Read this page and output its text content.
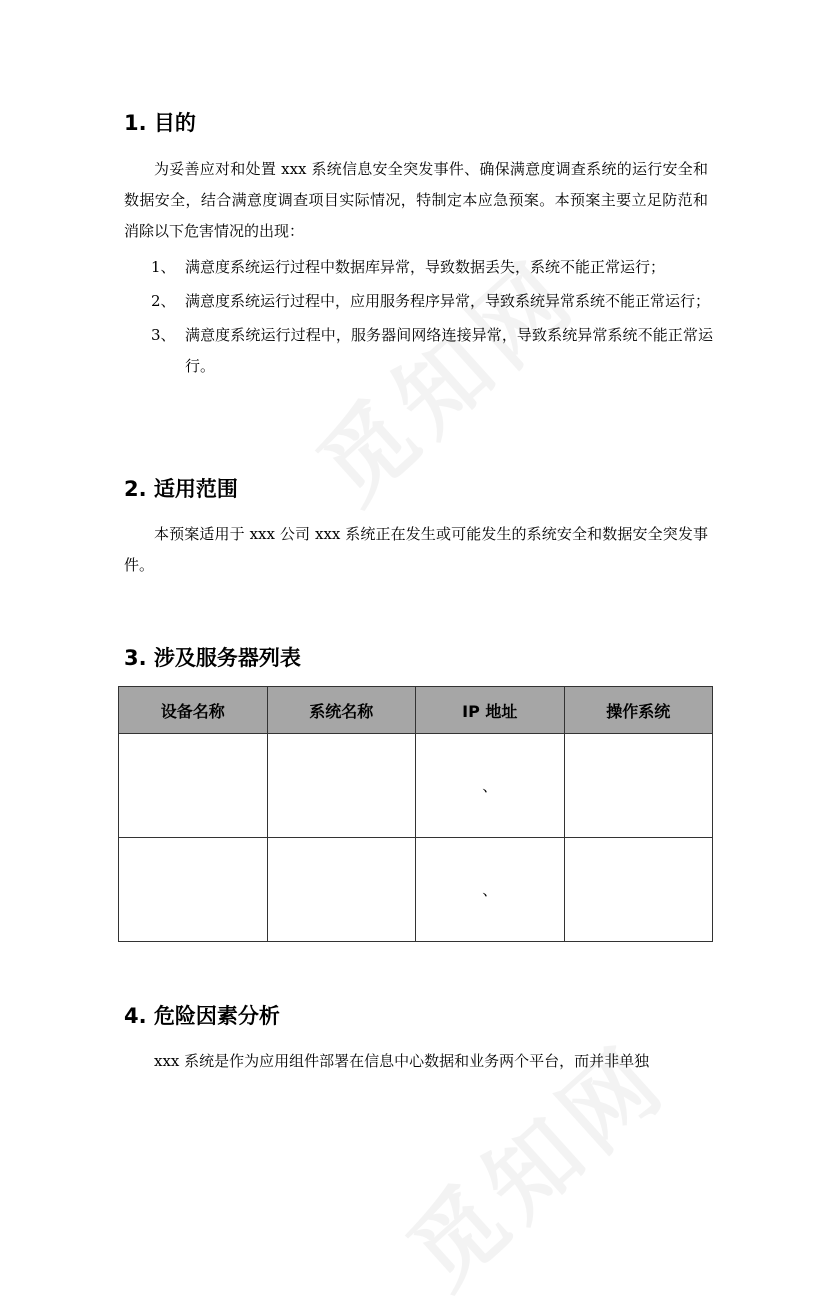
1. 目的

为妥善应对和处置 xxx 系统信息安全突发事件、确保满意度调查系统的运行安全和数据安全，结合满意度调查项目实际情况，特制定本应急预案。本预案主要立足防范和消除以下危害情况的出现：

1、 满意度系统运行过程中数据库异常，导致数据丢失，系统不能正常运行；
2、 满意度系统运行过程中，应用服务程序异常，导致系统异常系统不能正常运行；
3、 满意度系统运行过程中，服务器间网络连接异常，导致系统异常系统不能正常运行。
2. 适用范围

本预案适用于 xxx 公司 xxx 系统正在发生或可能发生的系统安全和数据安全突发事件。

3. 涉及服务器列表
设备名称	系统名称	IP 地址	操作系统
		、	
		、	
4. 危险因素分析

xxx 系统是作为应用组件部署在信息中心数据和业务两个平台，而并非单独
